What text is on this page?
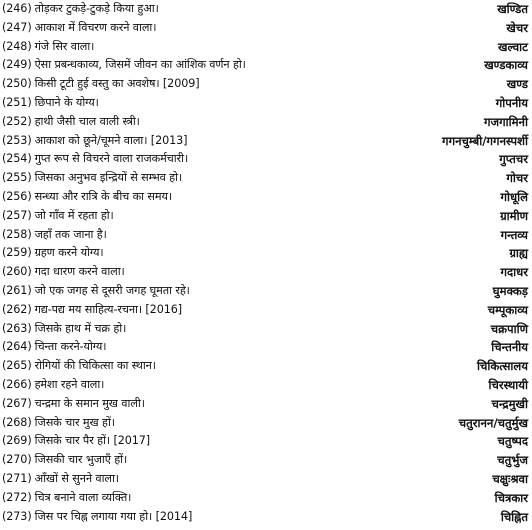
(246) तोड़कर टुकड़े-टुकड़े किया हुआ।	खण्डित
(247) आकाश में विचरण करने वाला।	खेचर
(248) गंजे सिर वाला।	खल्वाट
(249) ऐसा प्रबन्धकाव्य, जिसमें जीवन का आंशिक वर्णन हो।	खण्डकाव्य
(250) किसी टूटी हुई वस्तु का अवशेष। [2009]	खण्ड
(251) छिपाने के योग्य।	गोपनीय
(252) हाथी जैसी चाल वाली स्त्री।	गजगामिनी
(253) आकाश को छूने/चूमने वाला। [2013]	गगनचुम्बी/गगनस्पर्शी
(254) गुप्त रूप से विचरने वाला राजकर्मचारी।	गुप्तचर
(255) जिसका अनुभव इन्द्रियों से सम्भव हो।	गोचर
(256) सन्ध्या और रात्रि के बीच का समय।	गोधूलि
(257) जो गाँव में रहता हो।	ग्रामीण
(258) जहाँ तक जाना है।	गन्तव्य
(259) ग्रहण करने योग्य।	ग्राह्य
(260) गदा धारण करने वाला।	गदाधर
(261) जो एक जगह से दूसरी जगह घूमता रहे।	घुमक्कड़
(262) गद्य-पद्य मय साहित्य-रचना। [2016]	चम्पूकाव्य
(263) जिसके हाथ में चक्र हो।	चक्रपाणि
(264) चिन्ता करने-योग्य।	चिन्तनीय
(265) रोगियों की चिकित्सा का स्थान।	चिकित्सालय
(266) हमेशा रहने वाला।	चिरस्थायी
(267) चन्द्रमा के समान मुख वाली।	चन्द्रमुखी
(268) जिसके चार मुख हों।	चतुरानन/चतुर्मुख
(269) जिसके चार पैर हों। [2017]	चतुष्पद
(270) जिसकी चार भुजाएँ हों।	चतुर्भुज
(271) आँखों से सुनने वाला।	चक्षुःश्रवा
(272) चित्र बनाने वाला व्यक्ति।	चित्रकार
(273) जिस पर चिह्न लगाया गया हो। [2014]	चिह्नित
